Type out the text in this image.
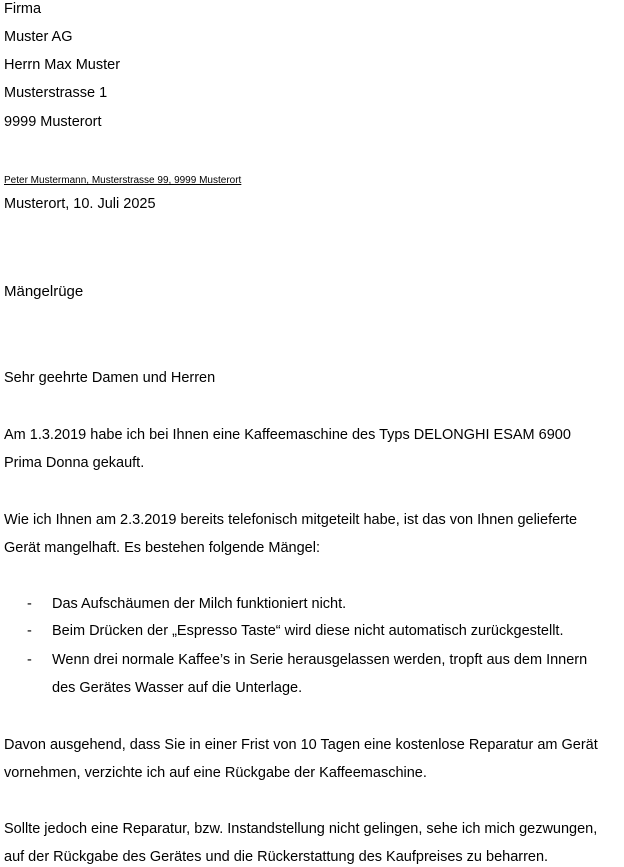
Firma
Muster AG
Herrn Max Muster
Musterstrasse 1
9999 Musterort
Peter Mustermann, Musterstrasse 99, 9999 Musterort
Musterort, 10. Juli 2025
Mängelrüge
Sehr geehrte Damen und Herren
Am 1.3.2019 habe ich bei Ihnen eine Kaffeemaschine des Typs DELONGHI ESAM 6900
Prima Donna gekauft.
Wie ich Ihnen am 2.3.2019 bereits telefonisch mitgeteilt habe, ist das von Ihnen gelieferte
Gerät mangelhaft. Es bestehen folgende Mängel:
- Das Aufschäumen der Milch funktioniert nicht.
- Beim Drücken der „Espresso Taste“ wird diese nicht automatisch zurückgestellt.
- Wenn drei normale Kaffee’s in Serie herausgelassen werden, tropft aus dem Innern
des Gerätes Wasser auf die Unterlage.
Davon ausgehend, dass Sie in einer Frist von 10 Tagen eine kostenlose Reparatur am Gerät
vornehmen, verzichte ich auf eine Rückgabe der Kaffeemaschine.
Sollte jedoch eine Reparatur, bzw. Instandstellung nicht gelingen, sehe ich mich gezwungen,
auf der Rückgabe des Gerätes und die Rückerstattung des Kaufpreises zu beharren.
